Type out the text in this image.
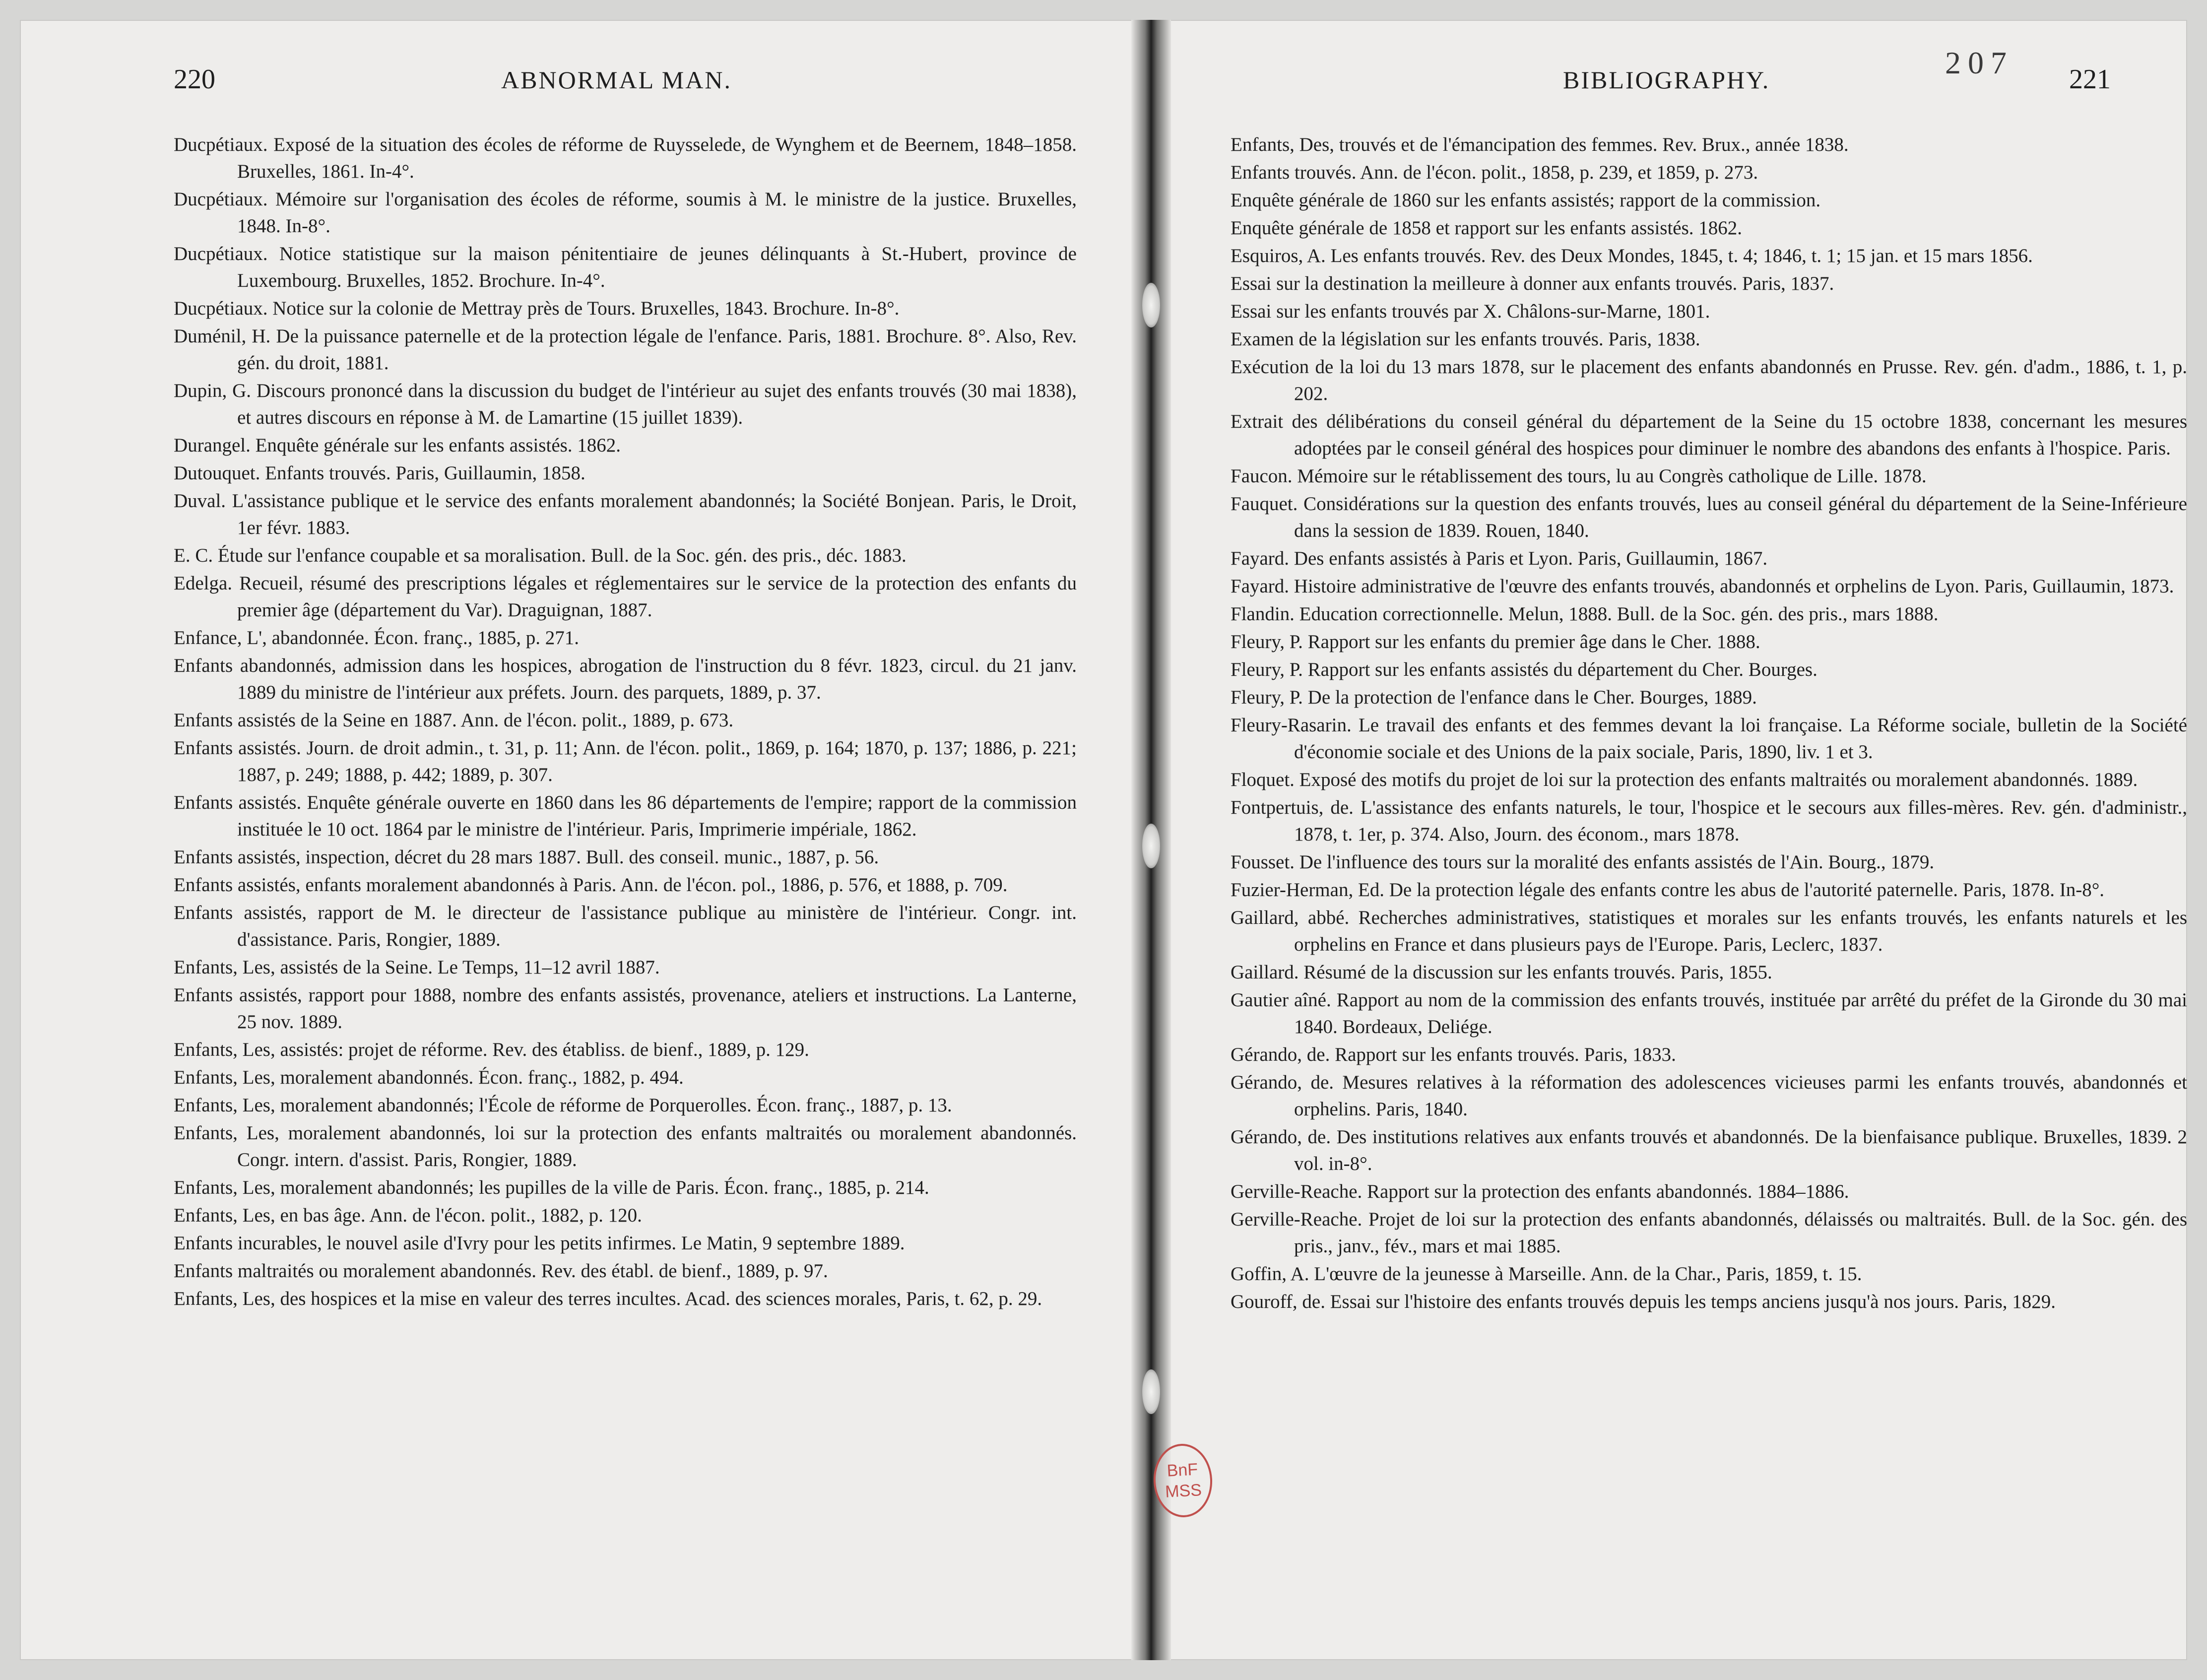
220	ABNORMAL MAN.

Ducpétiaux. Exposé de la situation des écoles de réforme de Ruysselede, de Wynghem et de Beernem, 1848–1858. Bruxelles, 1861. In-4°.

Ducpétiaux. Mémoire sur l'organisation des écoles de réforme, soumis à M. le ministre de la justice. Bruxelles, 1848. In-8°.

Ducpétiaux. Notice statistique sur la maison pénitentiaire de jeunes délinquants à St.-Hubert, province de Luxembourg. Bruxelles, 1852. Brochure. In-4°.

Ducpétiaux. Notice sur la colonie de Mettray près de Tours. Bruxelles, 1843. Brochure. In-8°.

Duménil, H. De la puissance paternelle et de la protection légale de l'enfance. Paris, 1881. Brochure. 8°. Also, Rev. gén. du droit, 1881.

Dupin, G. Discours prononcé dans la discussion du budget de l'intérieur au sujet des enfants trouvés (30 mai 1838), et autres discours en réponse à M. de Lamartine (15 juillet 1839).

Durangel. Enquête générale sur les enfants assistés. 1862.

Dutouquet. Enfants trouvés. Paris, Guillaumin, 1858.

Duval. L'assistance publique et le service des enfants moralement abandonnés; la Société Bonjean. Paris, le Droit, 1er févr. 1883.

E. C. Étude sur l'enfance coupable et sa moralisation. Bull. de la Soc. gén. des pris., déc. 1883.

Edelga. Recueil, résumé des prescriptions légales et réglementaires sur le service de la protection des enfants du premier âge (département du Var). Draguignan, 1887.

Enfance, L', abandonnée. Écon. franç., 1885, p. 271.

Enfants abandonnés, admission dans les hospices, abrogation de l'instruction du 8 févr. 1823, circul. du 21 janv. 1889 du ministre de l'intérieur aux préfets. Journ. des parquets, 1889, p. 37.

Enfants assistés de la Seine en 1887. Ann. de l'écon. polit., 1889, p. 673.

Enfants assistés. Journ. de droit admin., t. 31, p. 11; Ann. de l'écon. polit., 1869, p. 164; 1870, p. 137; 1886, p. 221; 1887, p. 249; 1888, p. 442; 1889, p. 307.

Enfants assistés. Enquête générale ouverte en 1860 dans les 86 départements de l'empire; rapport de la commission instituée le 10 oct. 1864 par le ministre de l'intérieur. Paris, Imprimerie impériale, 1862.

Enfants assistés, inspection, décret du 28 mars 1887. Bull. des conseil. munic., 1887, p. 56.

Enfants assistés, enfants moralement abandonnés à Paris. Ann. de l'écon. pol., 1886, p. 576, et 1888, p. 709.

Enfants assistés, rapport de M. le directeur de l'assistance publique au ministère de l'intérieur. Congr. int. d'assistance. Paris, Rongier, 1889.

Enfants, Les, assistés de la Seine. Le Temps, 11–12 avril 1887.

Enfants assistés, rapport pour 1888, nombre des enfants assistés, provenance, ateliers et instructions. La Lanterne, 25 nov. 1889.

Enfants, Les, assistés: projet de réforme. Rev. des établiss. de bienf., 1889, p. 129.

Enfants, Les, moralement abandonnés. Écon. franç., 1882, p. 494.

Enfants, Les, moralement abandonnés; l'École de réforme de Porquerolles. Écon. franç., 1887, p. 13.

Enfants, Les, moralement abandonnés, loi sur la protection des enfants maltraités ou moralement abandonnés. Congr. intern. d'assist. Paris, Rongier, 1889.

Enfants, Les, moralement abandonnés; les pupilles de la ville de Paris. Écon. franç., 1885, p. 214.

Enfants, Les, en bas âge. Ann. de l'écon. polit., 1882, p. 120.

Enfants incurables, le nouvel asile d'Ivry pour les petits infirmes. Le Matin, 9 septembre 1889.

Enfants maltraités ou moralement abandonnés. Rev. des établ. de bienf., 1889, p. 97.

Enfants, Les, des hospices et la mise en valeur des terres incultes. Acad. des sciences morales, Paris, t. 62, p. 29.

BIBLIOGRAPHY.	207 221

Enfants, Des, trouvés et de l'émancipation des femmes. Rev. Brux., année 1838.

Enfants trouvés. Ann. de l'écon. polit., 1858, p. 239, et 1859, p. 273.

Enquête générale de 1860 sur les enfants assistés; rapport de la commission.

Enquête générale de 1858 et rapport sur les enfants assistés. 1862.

Esquiros, A. Les enfants trouvés. Rev. des Deux Mondes, 1845, t. 4; 1846, t. 1; 15 jan. et 15 mars 1856.

Essai sur la destination la meilleure à donner aux enfants trouvés. Paris, 1837.

Essai sur les enfants trouvés par X. Châlons-sur-Marne, 1801.

Examen de la législation sur les enfants trouvés. Paris, 1838.

Exécution de la loi du 13 mars 1878, sur le placement des enfants abandonnés en Prusse. Rev. gén. d'adm., 1886, t. 1, p. 202.

Extrait des délibérations du conseil général du département de la Seine du 15 octobre 1838, concernant les mesures adoptées par le conseil général des hospices pour diminuer le nombre des abandons des enfants à l'hospice. Paris.

Faucon. Mémoire sur le rétablissement des tours, lu au Congrès catholique de Lille. 1878.

Fauquet. Considérations sur la question des enfants trouvés, lues au conseil général du département de la Seine-Inférieure dans la session de 1839. Rouen, 1840.

Fayard. Des enfants assistés à Paris et Lyon. Paris, Guillaumin, 1867.

Fayard. Histoire administrative de l'œuvre des enfants trouvés, abandonnés et orphelins de Lyon. Paris, Guillaumin, 1873.

Flandin. Education correctionnelle. Melun, 1888. Bull. de la Soc. gén. des pris., mars 1888.

Fleury, P. Rapport sur les enfants du premier âge dans le Cher. 1888.

Fleury, P. Rapport sur les enfants assistés du département du Cher. Bourges.

Fleury, P. De la protection de l'enfance dans le Cher. Bourges, 1889.

Fleury-Rasarin. Le travail des enfants et des femmes devant la loi française. La Réforme sociale, bulletin de la Société d'économie sociale et des Unions de la paix sociale, Paris, 1890, liv. 1 et 3.

Floquet. Exposé des motifs du projet de loi sur la protection des enfants maltraités ou moralement abandonnés. 1889.

Fontpertuis, de. L'assistance des enfants naturels, le tour, l'hospice et le secours aux filles-mères. Rev. gén. d'administr., 1878, t. 1er, p. 374. Also, Journ. des économ., mars 1878.

Fousset. De l'influence des tours sur la moralité des enfants assistés de l'Ain. Bourg., 1879.

Fuzier-Herman, Ed. De la protection légale des enfants contre les abus de l'autorité paternelle. Paris, 1878. In-8°.

Gaillard, abbé. Recherches administratives, statistiques et morales sur les enfants trouvés, les enfants naturels et les orphelins en France et dans plusieurs pays de l'Europe. Paris, Leclerc, 1837.

Gaillard. Résumé de la discussion sur les enfants trouvés. Paris, 1855.

Gautier aîné. Rapport au nom de la commission des enfants trouvés, instituée par arrêté du préfet de la Gironde du 30 mai 1840. Bordeaux, Deliége.

Gérando, de. Rapport sur les enfants trouvés. Paris, 1833.

Gérando, de. Mesures relatives à la réformation des adolescences vicieuses parmi les enfants trouvés, abandonnés et orphelins. Paris, 1840.

Gérando, de. Des institutions relatives aux enfants trouvés et abandonnés. De la bienfaisance publique. Bruxelles, 1839. 2 vol. in-8°.

Gerville-Reache. Rapport sur la protection des enfants abandonnés. 1884–1886.

Gerville-Reache. Projet de loi sur la protection des enfants abandonnés, délaissés ou maltraités. Bull. de la Soc. gén. des pris., janv., fév., mars et mai 1885.

Goffin, A. L'œuvre de la jeunesse à Marseille. Ann. de la Char., Paris, 1859, t. 15.

Gouroff, de. Essai sur l'histoire des enfants trouvés depuis les temps anciens jusqu'à nos jours. Paris, 1829.

BnF
MSS
